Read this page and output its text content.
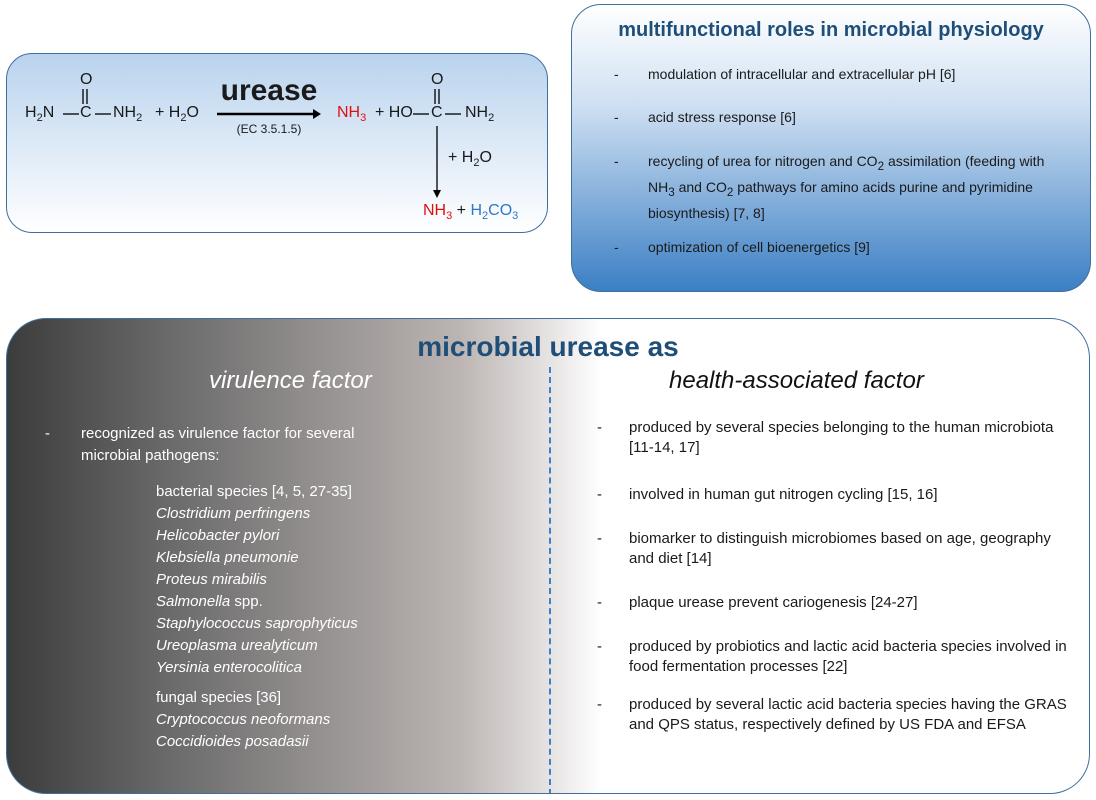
$H_2N$ C
O
$NH_2 + H_2O$
urease
(EC 3.5.1.5)
$NH_3$ + HO C
O
$NH_2$
+ $H_2O$
$NH_3 + H_2CO_3$
multifunctional roles in microbial physiology
- modulation of intracellular and extracellular pH [6]
- acid stress response [6]
- recycling of urea for nitrogen and $CO_2$ assimilation (feeding with $NH_3$ and $CO_2$ pathways for amino acids purine and pyrimidine biosynthesis) [7, 8]
- optimization of cell bioenergetics [9]
microbial urease as
virulence factor	health-associated factor
- recognized as virulence factor for several microbial pathogens:
bacterial species [4, 5, 27-35]
Clostridium perfringens
Helicobacter pylori
Klebsiella pneumonie
Proteus mirabilis
Salmonella spp.
Staphylococcus saprophyticus
Ureoplasma urealyticum
Yersinia enterocolitica
fungal species [36]
Cryptococcus neoformans
Coccidioides posadasii
- produced by several species belonging to the human microbiota [11-14, 17]
- involved in human gut nitrogen cycling [15, 16]
- biomarker to distinguish microbiomes based on age, geography and diet [14]
- plaque urease prevent cariogenesis [24-27]
- produced by probiotics and lactic acid bacteria species involved in food fermentation processes [22]
- produced by several lactic acid bacteria species having the GRAS and QPS status, respectively defined by US FDA and EFSA
